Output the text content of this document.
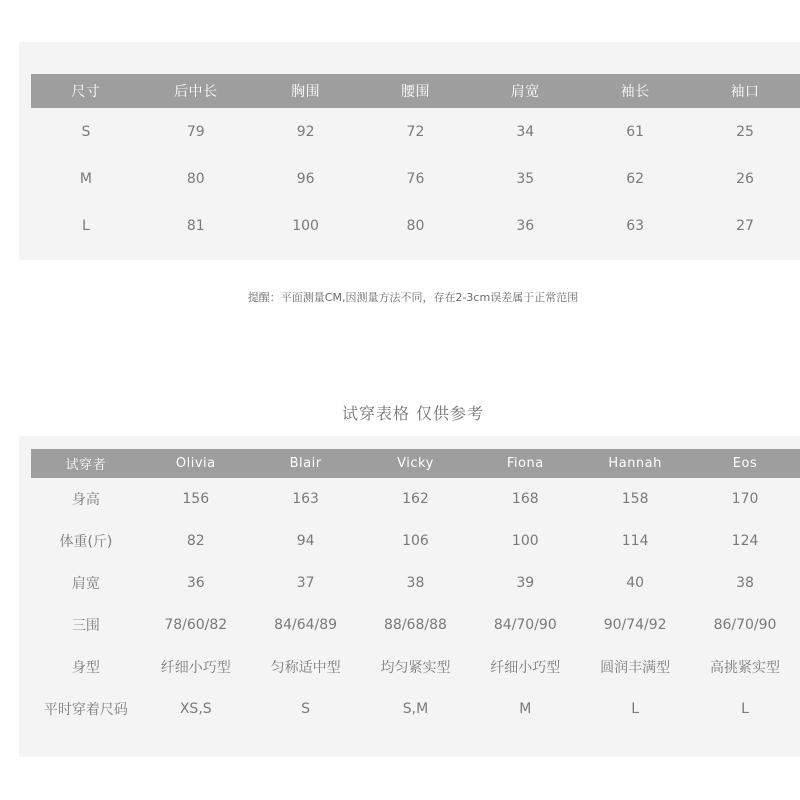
尺寸	后中长	胸围	腰围	肩宽	袖长	袖口
S	79	92	72	34	61	25
M	80	96	76	35	62	26
L	81	100	80	36	63	27
提醒：平面测量CM,因测量方法不同，存在2-3cm误差属于正常范围
试穿表格 仅供参考
试穿者	Olivia	Blair	Vicky	Fiona	Hannah	Eos
身高	156	163	162	168	158	170
体重(斤)	82	94	106	100	114	124
肩宽	36	37	38	39	40	38
三围	78/60/82	84/64/89	88/68/88	84/70/90	90/74/92	86/70/90
身型	纤细小巧型	匀称适中型	均匀紧实型	纤细小巧型	圆润丰满型	高挑紧实型
平时穿着尺码	XS,S	S	S,M	M	L	L
